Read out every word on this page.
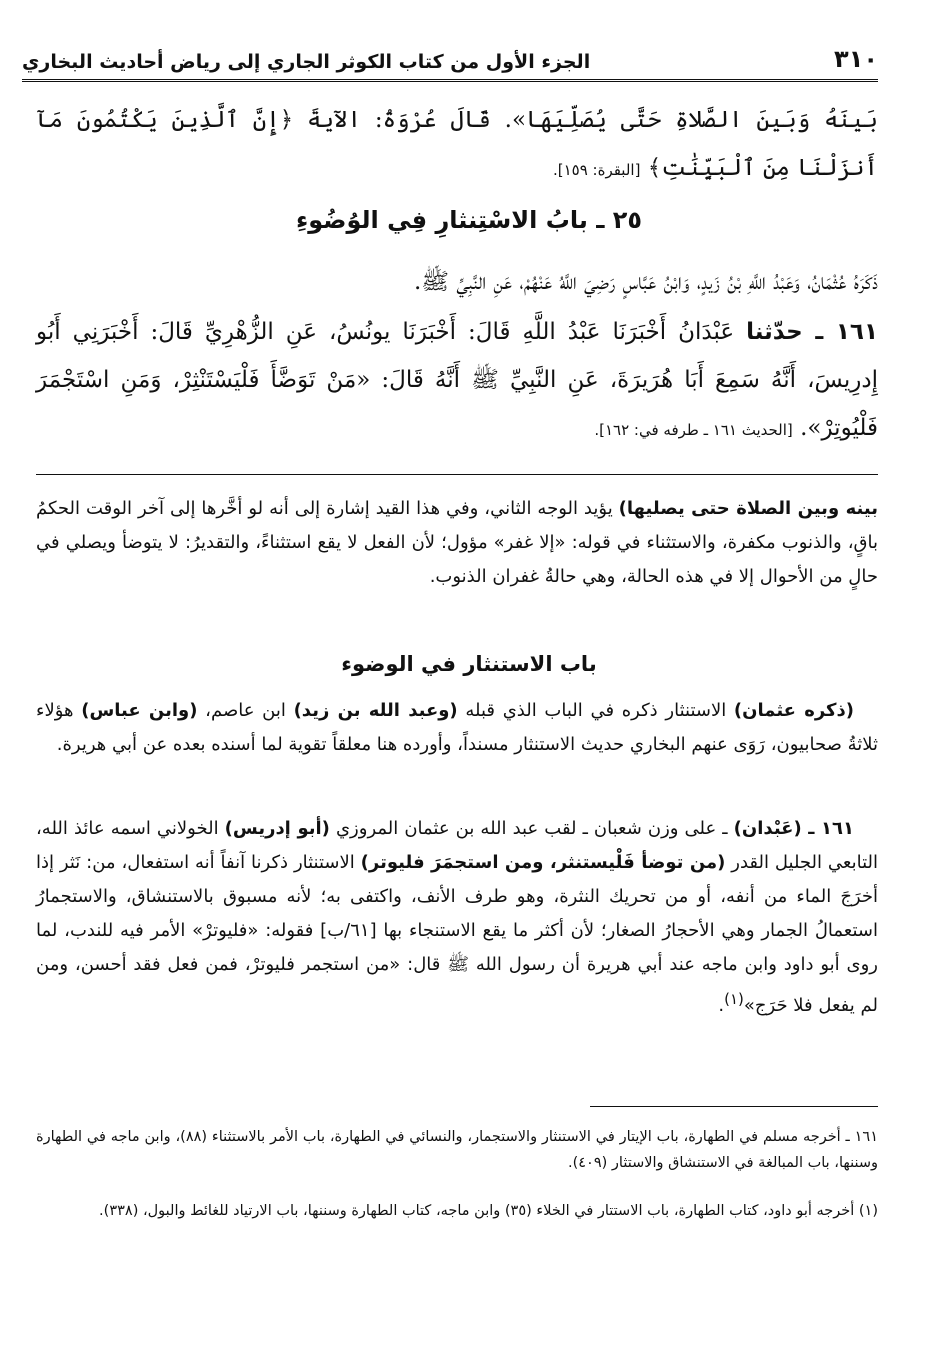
٣١٠
الجزء الأول من كتاب الكوثر الجاري إلى رياض أحاديث البخاري
بَينَهُ وَبَينَ الصَّلاةِ حَتَّى يُصَلِّيَهَا». قَالَ عُرْوَةُ: الآيةَ ﴿إِنَّ ٱلَّذِينَ يَكْتُمُونَ مَآ أَنزَلْنَا مِنَ ٱلْبَيِّنَٰتِ﴾ [البقرة: ١٥٩].
٢٥ ـ بابُ الاسْتِنثارِ فِي الوُضُوءِ
ذَكَرَهُ عُثْمَانُ، وَعَبْدُ اللَّهِ بْنُ زَيدٍ، وَابْنُ عَبَّاسٍ رَضِيَ اللَّهُ عَنْهُمْ، عَنِ النَّبِيِّ ﷺ.
١٦١ ـ حدّثنا عَبْدَانُ أَخْبَرَنَا عَبْدُ اللَّهِ قَالَ: أَخْبَرَنَا يونُسُ، عَنِ الزُّهْرِيِّ قَالَ: أَخْبَرَنِي أَبُو إِدرِيسَ، أَنَّهُ سَمِعَ أَبَا هُرَيرَةَ، عَنِ النَّبِيِّ ﷺ أَنَّهُ قَالَ: «مَنْ تَوَضَّأَ فَلْيَسْتَنْثِرْ، وَمَنِ اسْتَجْمَرَ فَلْيُوتِرْ». [الحديث ١٦١ ـ طرفه في: ١٦٢].
بينه وبين الصلاة حتى يصليها) يؤيد الوجه الثاني، وفي هذا القيد إشارة إلى أنه لو أخَّرها إلى آخر الوقت الحكمُ باقٍ، والذنوب مكفرة، والاستثناء في قوله: «إلا غفر» مؤول؛ لأن الفعل لا يقع استثناءً، والتقديرُ: لا يتوضأ ويصلي في حالٍ من الأحوال إلا في هذه الحالة، وهي حالةُ غفران الذنوب.
باب الاستنثار في الوضوء
(ذكره عثمان) الاستنثار ذكره في الباب الذي قبله (وعبد الله بن زيد) ابن عاصم، (وابن عباس) هؤلاء ثلاثةُ صحابيون، رَوَى عنهم البخاري حديث الاستنثار مسنداً، وأورده هنا معلقاً تقوية لما أسنده بعده عن أبي هريرة.
١٦١ ـ (عَبْدان) ـ على وزن شعبان ـ لقب عبد الله بن عثمان المروزي (أبو إدريس) الخولاني اسمه عائذ الله، التابعي الجليل القدر (من توضأ فَلْيستنثر، ومن استجمَرَ فليوتر) الاستنثار ذكرنا آنفاً أنه استفعال، من: نَثر إذا أخرَجَ الماء من أنفه، أو من تحريك النثرة، وهو طرف الأنف، واكتفى به؛ لأنه مسبوق بالاستنشاق، والاستجمارُ استعمالُ الجمار وهي الأحجارُ الصغار؛ لأن أكثر ما يقع الاستنجاء بها [٦١/ب] فقوله: «فليوترْ» الأمر فيه للندب، لما روى أبو داود وابن ماجه عند أبي هريرة أن رسول الله ﷺ قال: «من استجمر فليوترْ، فمن فعل فقد أحسن، ومن لم يفعل فلا حَرَج»$^{(١)}$.
١٦١ ـ أخرجه مسلم في الطهارة، باب الإيتار في الاستنثار والاستجمار، والنسائي في الطهارة، باب الأمر بالاستثناء (٨٨)، وابن ماجه في الطهارة وسننها، باب المبالغة في الاستنشاق والاستثار (٤٠٩).
(١) أخرجه أبو داود، كتاب الطهارة، باب الاستتار في الخلاء (٣٥) وابن ماجه، كتاب الطهارة وسننها، باب الارتياد للغائط والبول، (٣٣٨).
